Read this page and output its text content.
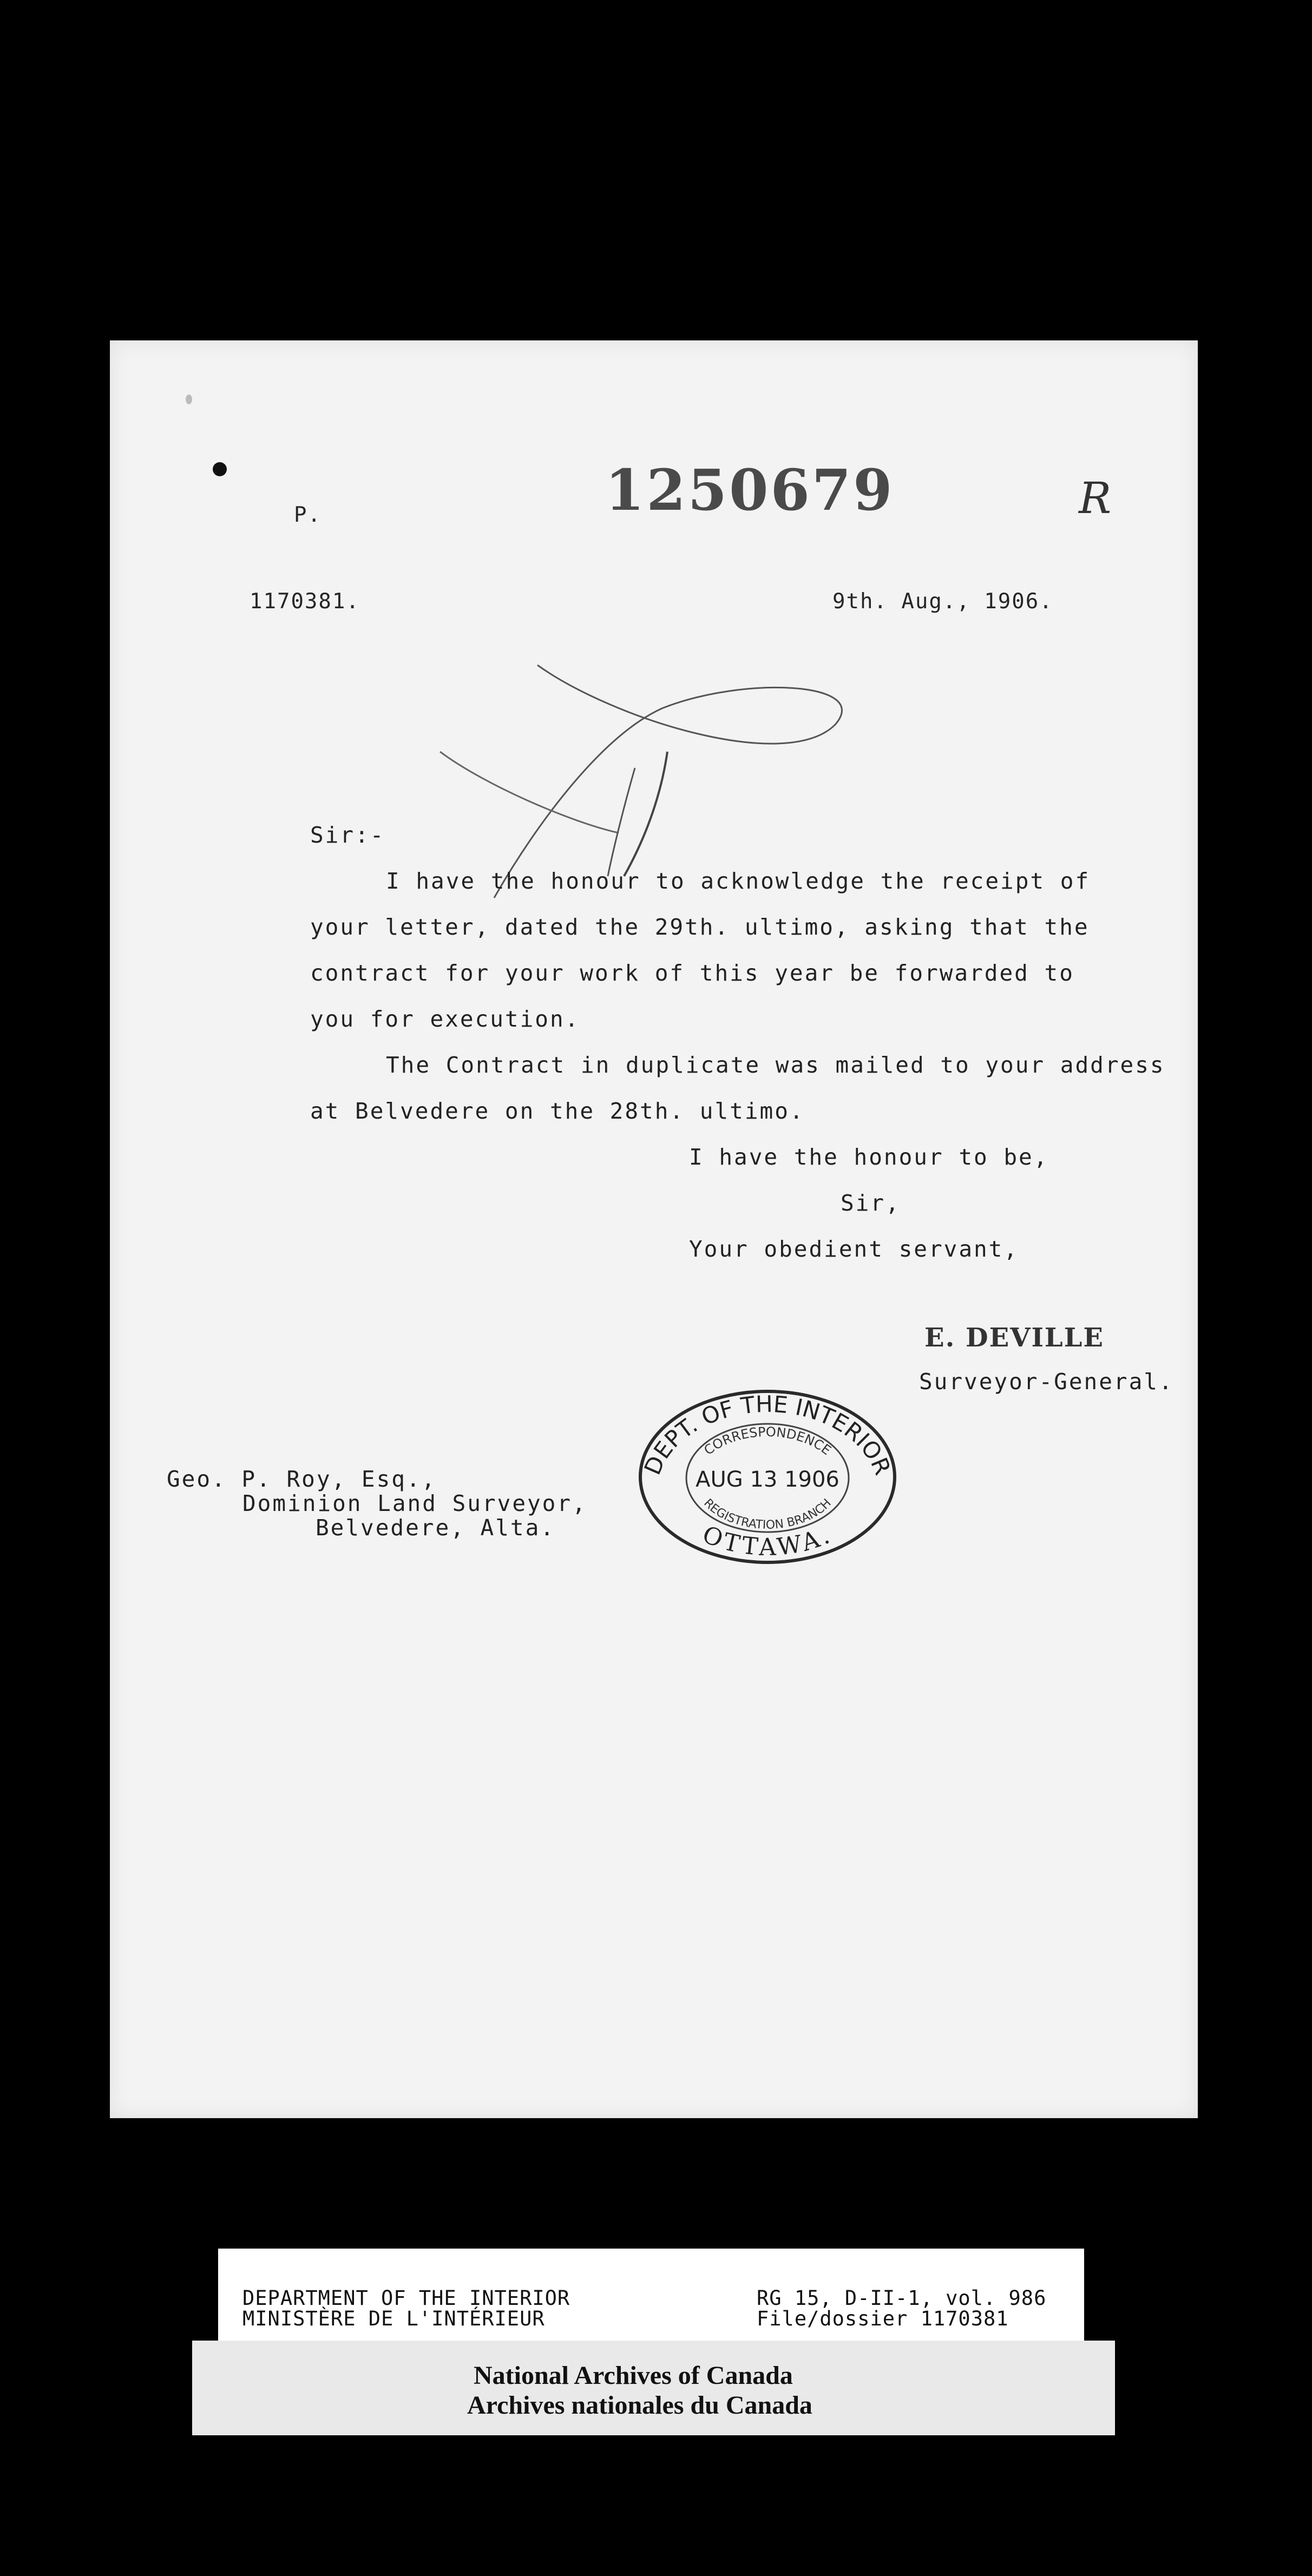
P.	1250679	R
1170381.	9th. Aug., 1906.
Sir:-
I have the honour to acknowledge the receipt of
your letter, dated the 29th. ultimo, asking that the
contract for your work of this year be forwarded to
you for execution.
The Contract in duplicate was mailed to your address
at Belvedere on the 28th. ultimo.
I have the honour to be,
Sir,
Your obedient servant,
E. DEVILLE
Surveyor-General.
Geo. P. Roy, Esq.,
Dominion Land Surveyor,
Belvedere, Alta.
DEPT. OF THE INTERIOR
CORRESPONDENCE
AUG 13 1906
REGISTRATION BRANCH
OTTAWA.
DEPARTMENT OF THE INTERIOR
MINISTÈRE DE L'INTÉRIEUR
RG 15, D-II-1, vol. 986
File/dossier 1170381
National Archives of Canada
Archives nationales du Canada
